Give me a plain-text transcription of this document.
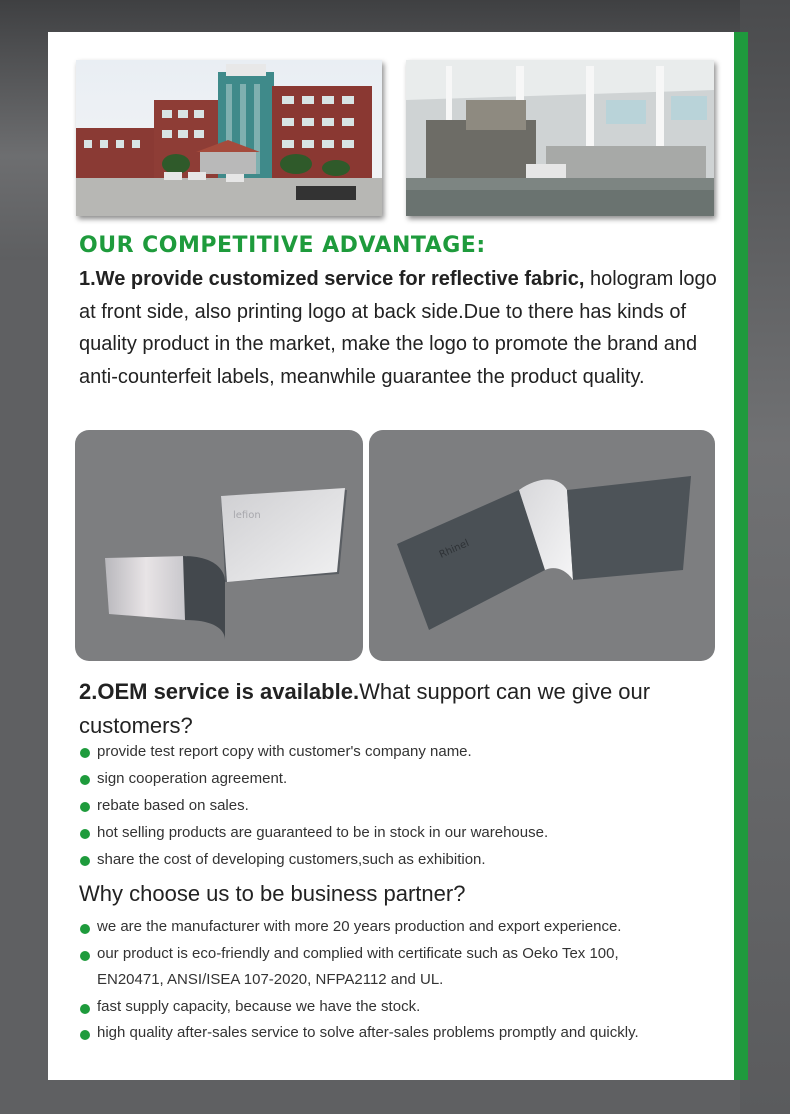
OUR COMPETITIVE ADVANTAGE:

1.We provide customized service for reflective fabric, hologram logo at front side, also printing logo at back side.Due to there has kinds of quality product in the market, make the logo to promote the brand and anti-counterfeit labels, meanwhile guarantee the product quality.

lefion
Rhinel

2.OEM service is available.What support can we give our customers?

provide test report copy with customer's company name.
sign cooperation agreement.
rebate based on sales.
hot selling products are guaranteed to be in stock in our warehouse.
share the cost of developing customers,such as exhibition.
Why choose us to be business partner?
we are the manufacturer with more 20 years production and export experience.
our product is eco-friendly and complied with certificate such as Oeko Tex 100,
EN20471, ANSI/ISEA 107-2020, NFPA2112 and UL.
fast supply capacity, because we have the stock.
high quality after-sales service to solve after-sales problems promptly and quickly.
